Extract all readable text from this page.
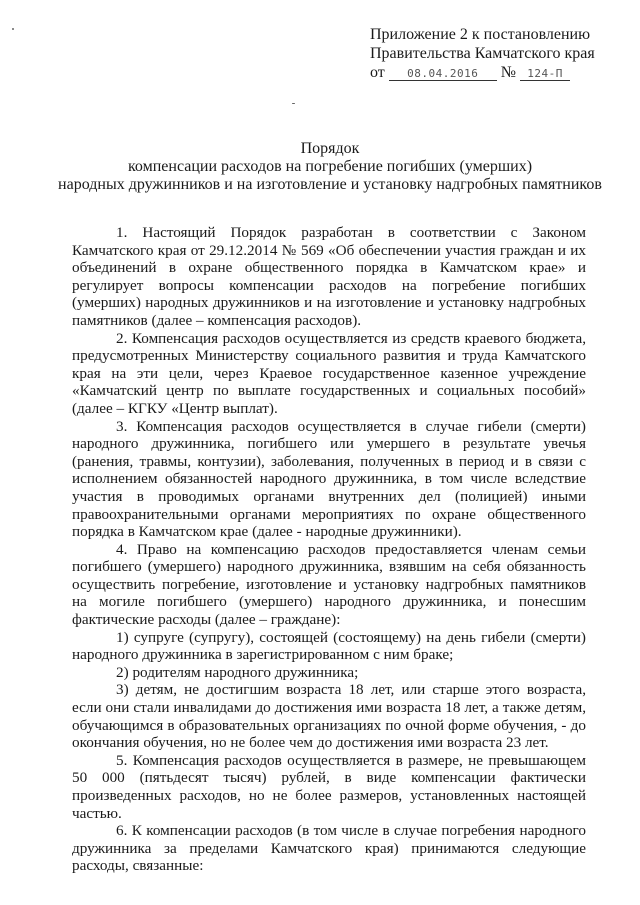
Приложение 2 к постановлению
Правительства Камчатского края
от 08.04.2016 № 124-П
Порядок
компенсации расходов на погребение погибших (умерших)
народных дружинников и на изготовление и установку надгробных памятников

1. Настоящий Порядок разработан в соответствии с Законом Камчатского края от 29.12.2014 № 569 «Об обеспечении участия граждан и их объединений в охране общественного порядка в Камчатском крае» и регулирует вопросы компенсации расходов на погребение погибших (умерших) народных дружинников и на изготовление и установку надгробных памятников (далее – компенсация расходов).

2. Компенсация расходов осуществляется из средств краевого бюджета, предусмотренных Министерству социального развития и труда Камчатского края на эти цели, через Краевое государственное казенное учреждение «Камчатский центр по выплате государственных и социальных пособий» (далее – КГКУ «Центр выплат).

3. Компенсация расходов осуществляется в случае гибели (смерти) народного дружинника, погибшего или умершего в результате увечья (ранения, травмы, контузии), заболевания, полученных в период и в связи с исполнением обязанностей народного дружинника, в том числе вследствие участия в проводимых органами внутренних дел (полицией) иными правоохранительными органами мероприятиях по охране общественного порядка в Камчатском крае (далее - народные дружинники).

4. Право на компенсацию расходов предоставляется членам семьи погибшего (умершего) народного дружинника, взявшим на себя обязанность осуществить погребение, изготовление и установку надгробных памятников на могиле погибшего (умершего) народного дружинника, и понесшим фактические расходы (далее – граждане):

1) супруге (супругу), состоящей (состоящему) на день гибели (смерти) народного дружинника в зарегистрированном с ним браке;

2) родителям народного дружинника;

3) детям, не достигшим возраста 18 лет, или старше этого возраста, если они стали инвалидами до достижения ими возраста 18 лет, а также детям, обучающимся в образовательных организациях по очной форме обучения, - до окончания обучения, но не более чем до достижения ими возраста 23 лет.

5. Компенсация расходов осуществляется в размере, не превышающем 50 000 (пятьдесят тысяч) рублей, в виде компенсации фактически произведенных расходов, но не более размеров, установленных настоящей частью.

6. К компенсации расходов (в том числе в случае погребения народного дружинника за пределами Камчатского края) принимаются следующие расходы, связанные:
